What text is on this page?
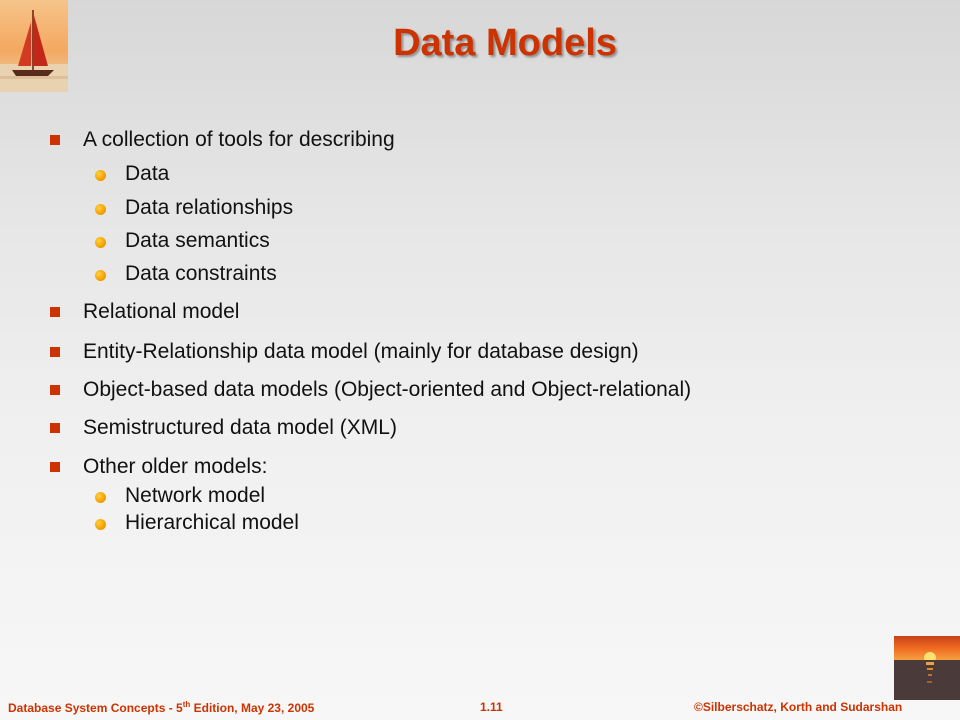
Data Models
A collection of tools for describing
Data
Data relationships
Data semantics
Data constraints
Relational model
Entity-Relationship data model (mainly for database design)
Object-based data models (Object-oriented and Object-relational)
Semistructured data model (XML)
Other older models:
Network model
Hierarchical model
Database System Concepts - 5th Edition, May 23, 2005	1.11	©Silberschatz, Korth and Sudarshan
